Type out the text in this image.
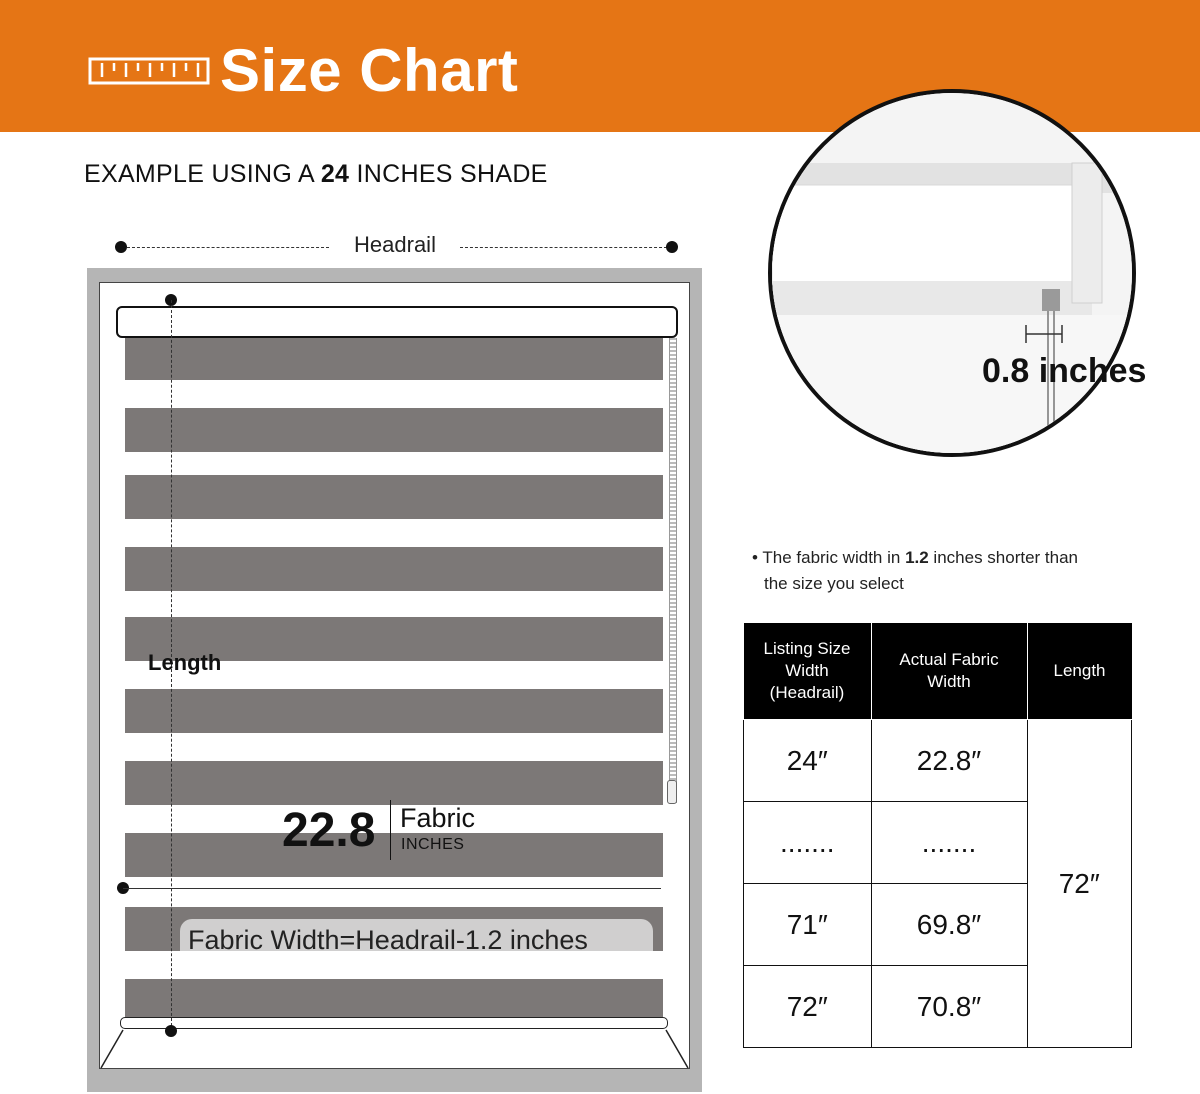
Size Chart
EXAMPLE USING A 24 INCHES SHADE
Headrail
Length
22.8 Fabric
INCHES
Fabric Width=Headrail-1.2 inches
0.8 inches
• The fabric width in 1.2 inches shorter than
the size you select
Listing Size Width (Headrail)	Actual Fabric Width	Length
24″	22.8″	72″
.......	.......	
71″	69.8″	
72″	70.8″	
